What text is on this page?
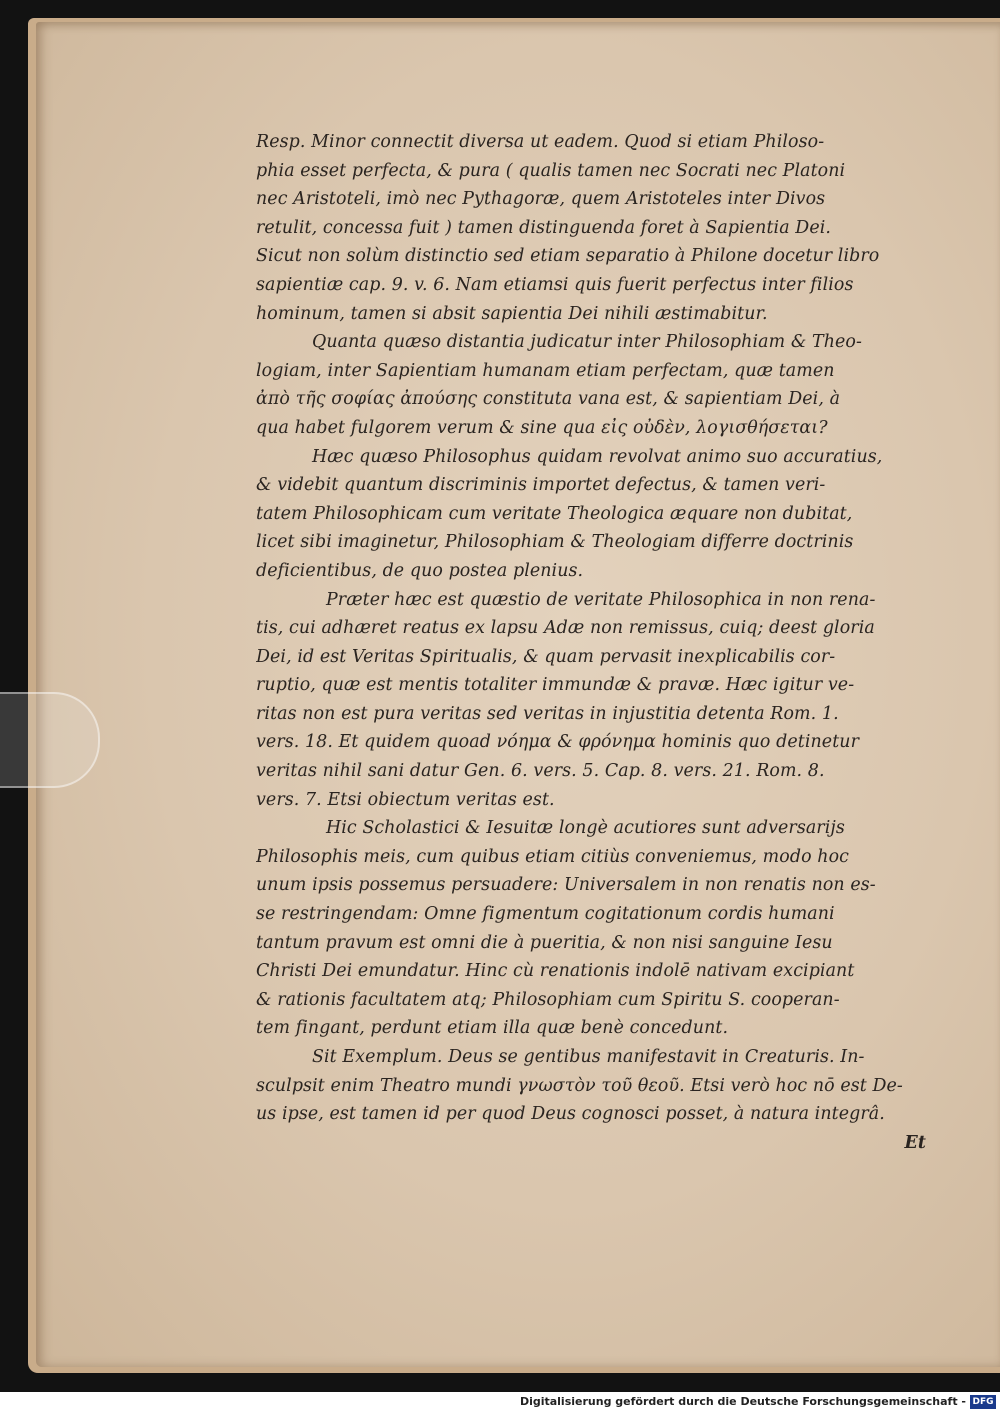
Resp. Minor connectit diversa ut eadem. Quod si etiam Philoso-
phia esset perfecta, & pura ( qualis tamen nec Socrati nec Platoni
nec Aristoteli, imò nec Pythagoræ, quem Aristoteles inter Divos
retulit, concessa fuit ) tamen distinguenda foret à Sapientia Dei.
Sicut non solùm distinctio sed etiam separatio à Philone docetur libro
sapientiæ cap. 9. v. 6. Nam etiamsi quis fuerit perfectus inter filios
hominum, tamen si absit sapientia Dei nihili æstimabitur.
Quanta quæso distantia judicatur inter Philosophiam & Theo-
logiam, inter Sapientiam humanam etiam perfectam, quæ tamen
ἀπὸ τῆς σοφίας ἀπούσης constituta vana est, & sapientiam Dei, à
qua habet fulgorem verum & sine qua εἰς οὐδὲν, λογισθήσεται?
Hæc quæso Philosophus quidam revolvat animo suo accuratius,
& videbit quantum discriminis importet defectus, & tamen veri-
tatem Philosophicam cum veritate Theologica æquare non dubitat,
licet sibi imaginetur, Philosophiam & Theologiam differre doctrinis
deficientibus, de quo postea plenius.
Præter hæc est quæstio de veritate Philosophica in non rena-
tis, cui adhæret reatus ex lapsu Adæ non remissus, cuiq; deest gloria
Dei, id est Veritas Spiritualis, & quam pervasit inexplicabilis cor-
ruptio, quæ est mentis totaliter immundæ & pravæ. Hæc igitur ve-
ritas non est pura veritas sed veritas in injustitia detenta Rom. 1.
vers. 18. Et quidem quoad νόημα & φρόνημα hominis quo detinetur
veritas nihil sani datur Gen. 6. vers. 5. Cap. 8. vers. 21. Rom. 8.
vers. 7. Etsi obiectum veritas est.
Hic Scholastici & Iesuitæ longè acutiores sunt adversarijs
Philosophis meis, cum quibus etiam citiùs conveniemus, modo hoc
unum ipsis possemus persuadere: Universalem in non renatis non es-
se restringendam: Omne figmentum cogitationum cordis humani
tantum pravum est omni die à pueritia, & non nisi sanguine Iesu
Christi Dei emundatur. Hinc cù renationis indolē nativam excipiant
& rationis facultatem atq; Philosophiam cum Spiritu S. cooperan-
tem fingant, perdunt etiam illa quæ benè concedunt.
Sit Exemplum. Deus se gentibus manifestavit in Creaturis. In-
sculpsit enim Theatro mundi γνωστὸν τοῦ θεοῦ. Etsi verò hoc nō est De-
us ipse, est tamen id per quod Deus cognosci posset, à natura integrâ.
Et
Digitalisierung gefördert durch die Deutsche Forschungsgemeinschaft - DFG
